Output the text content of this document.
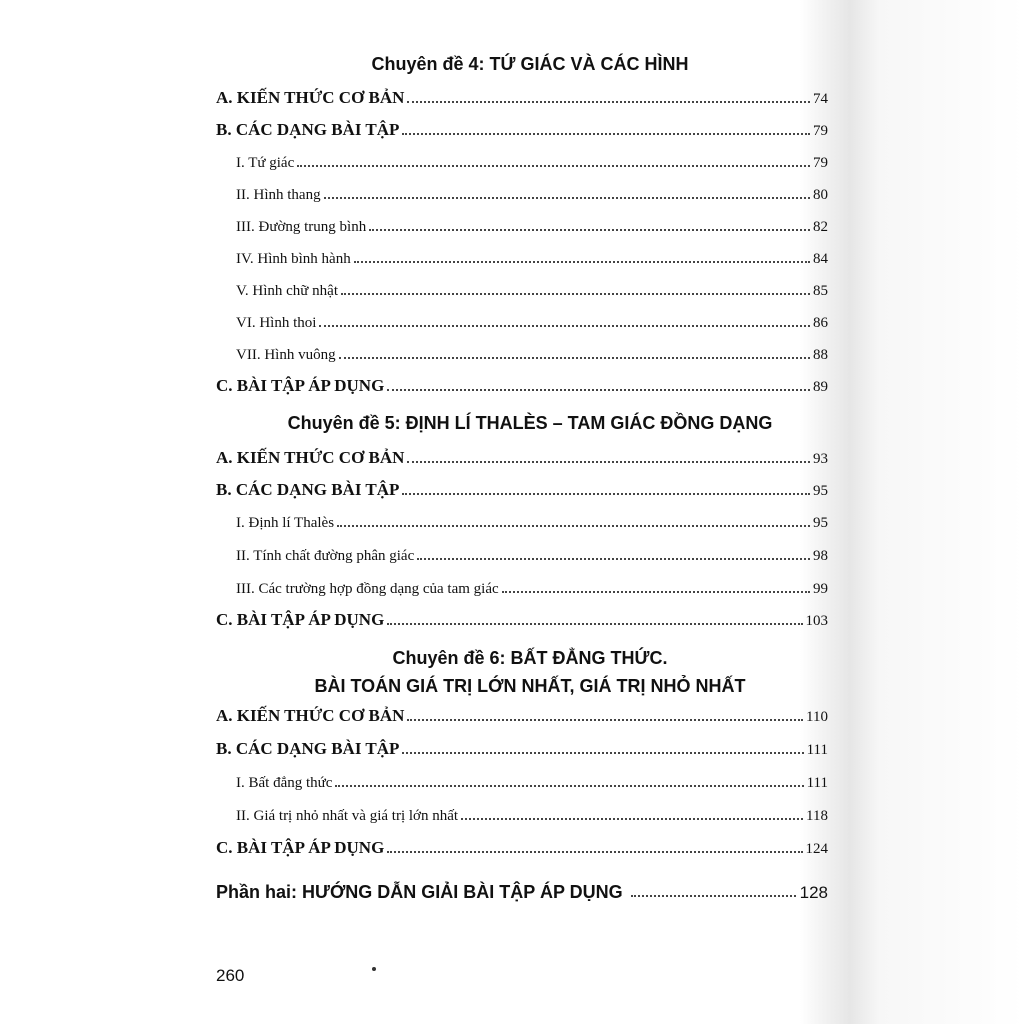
Chuyên đề 4: TỨ GIÁC VÀ CÁC HÌNH
A. KIẾN THỨC CƠ BẢN	74
B. CÁC DẠNG BÀI TẬP	79
I. Tứ giác	79
II. Hình thang	80
III. Đường trung bình	82
IV. Hình bình hành	84
V. Hình chữ nhật	85
VI. Hình thoi	86
VII. Hình vuông	88
C. BÀI TẬP ÁP DỤNG	89
Chuyên đề 5: ĐỊNH LÍ THALÈS – TAM GIÁC ĐỒNG DẠNG
A. KIẾN THỨC CƠ BẢN	93
B. CÁC DẠNG BÀI TẬP	95
I. Định lí Thalès	95
II. Tính chất đường phân giác	98
III. Các trường hợp đồng dạng của tam giác	99
C. BÀI TẬP ÁP DỤNG	103
Chuyên đề 6: BẤT ĐẲNG THỨC.
BÀI TOÁN GIÁ TRỊ LỚN NHẤT, GIÁ TRỊ NHỎ NHẤT
A. KIẾN THỨC CƠ BẢN	110
B. CÁC DẠNG BÀI TẬP	111
I. Bất đẳng thức	111
II. Giá trị nhỏ nhất và giá trị lớn nhất	118
C. BÀI TẬP ÁP DỤNG	124
Phần hai: HƯỚNG DẪN GIẢI BÀI TẬP ÁP DỤNG	128
260
